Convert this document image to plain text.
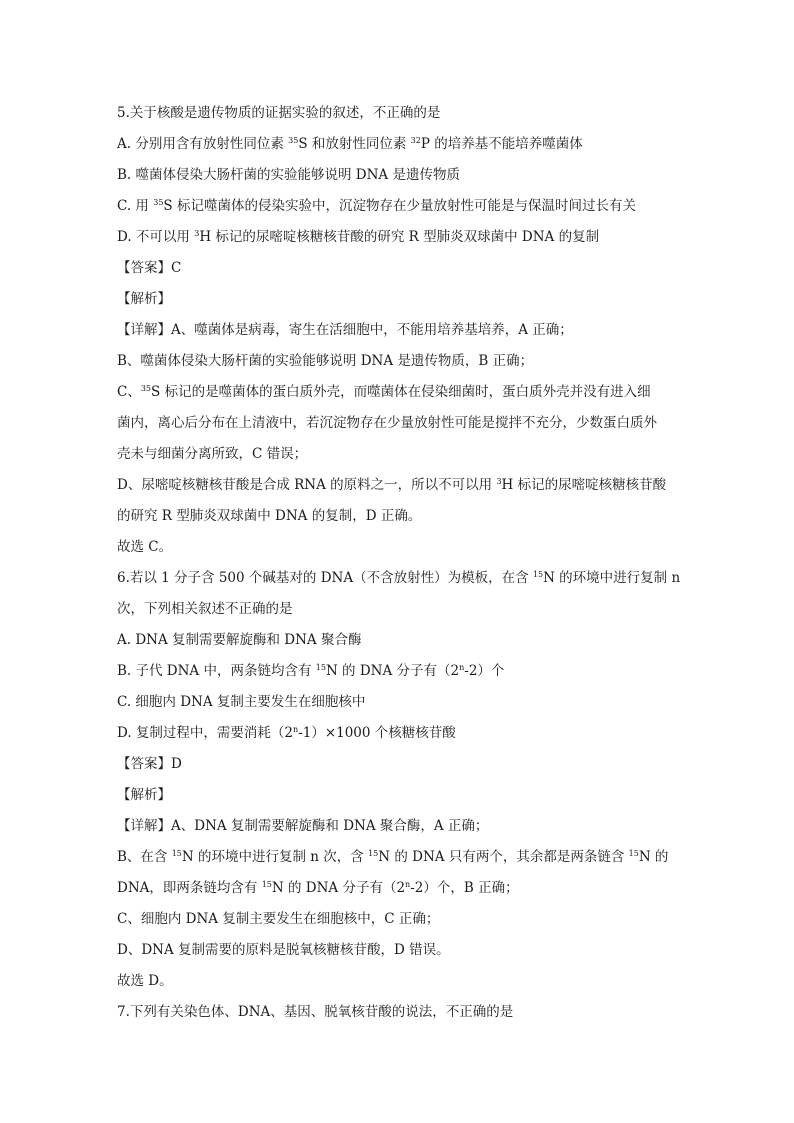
5.关于核酸是遗传物质的证据实验的叙述，不正确的是
A. 分别用含有放射性同位素 $^{35}$S 和放射性同位素 $^{32}$P 的培养基不能培养噬菌体
B. 噬菌体侵染大肠杆菌的实验能够说明 DNA 是遗传物质
C. 用 $^{35}$S 标记噬菌体的侵染实验中，沉淀物存在少量放射性可能是与保温时间过长有关
D. 不可以用 $^3$H 标记的尿嘧啶核糖核苷酸的研究 R 型肺炎双球菌中 DNA 的复制
【答案】C
【解析】
【详解】A、噬菌体是病毒，寄生在活细胞中，不能用培养基培养，A 正确；
B、噬菌体侵染大肠杆菌的实验能够说明 DNA 是遗传物质，B 正确；
C、$^{35}$S 标记的是噬菌体的蛋白质外壳，而噬菌体在侵染细菌时，蛋白质外壳并没有进入细
菌内，离心后分布在上清液中，若沉淀物存在少量放射性可能是搅拌不充分，少数蛋白质外
壳未与细菌分离所致，C 错误；
D、尿嘧啶核糖核苷酸是合成 RNA 的原料之一，所以不可以用 $^3$H 标记的尿嘧啶核糖核苷酸
的研究 R 型肺炎双球菌中 DNA 的复制，D 正确。
故选 C。
6.若以 1 分子含 500 个碱基对的 DNA（不含放射性）为模板，在含 $^{15}$N 的环境中进行复制 n
次，下列相关叙述不正确的是
A. DNA 复制需要解旋酶和 DNA 聚合酶
B. 子代 DNA 中，两条链均含有 $^{15}$N 的 DNA 分子有（2$^n$-2）个
C. 细胞内 DNA 复制主要发生在细胞核中
D. 复制过程中，需要消耗$(2^n-1)\times 1000$ 个核糖核苷酸
【答案】D
【解析】
【详解】A、DNA 复制需要解旋酶和 DNA 聚合酶，A 正确；
B、在含 $^{15}$N 的环境中进行复制 n 次，含 $^{15}$N 的 DNA 只有两个，其余都是两条链含 $^{15}$N 的
DNA，即两条链均含有 $^{15}$N 的 DNA 分子有（2$^n$-2）个，B 正确；
C、细胞内 DNA 复制主要发生在细胞核中，C 正确；
D、DNA 复制需要的原料是脱氧核糖核苷酸，D 错误。
故选 D。
7.下列有关染色体、DNA、基因、脱氧核苷酸的说法，不正确的是
